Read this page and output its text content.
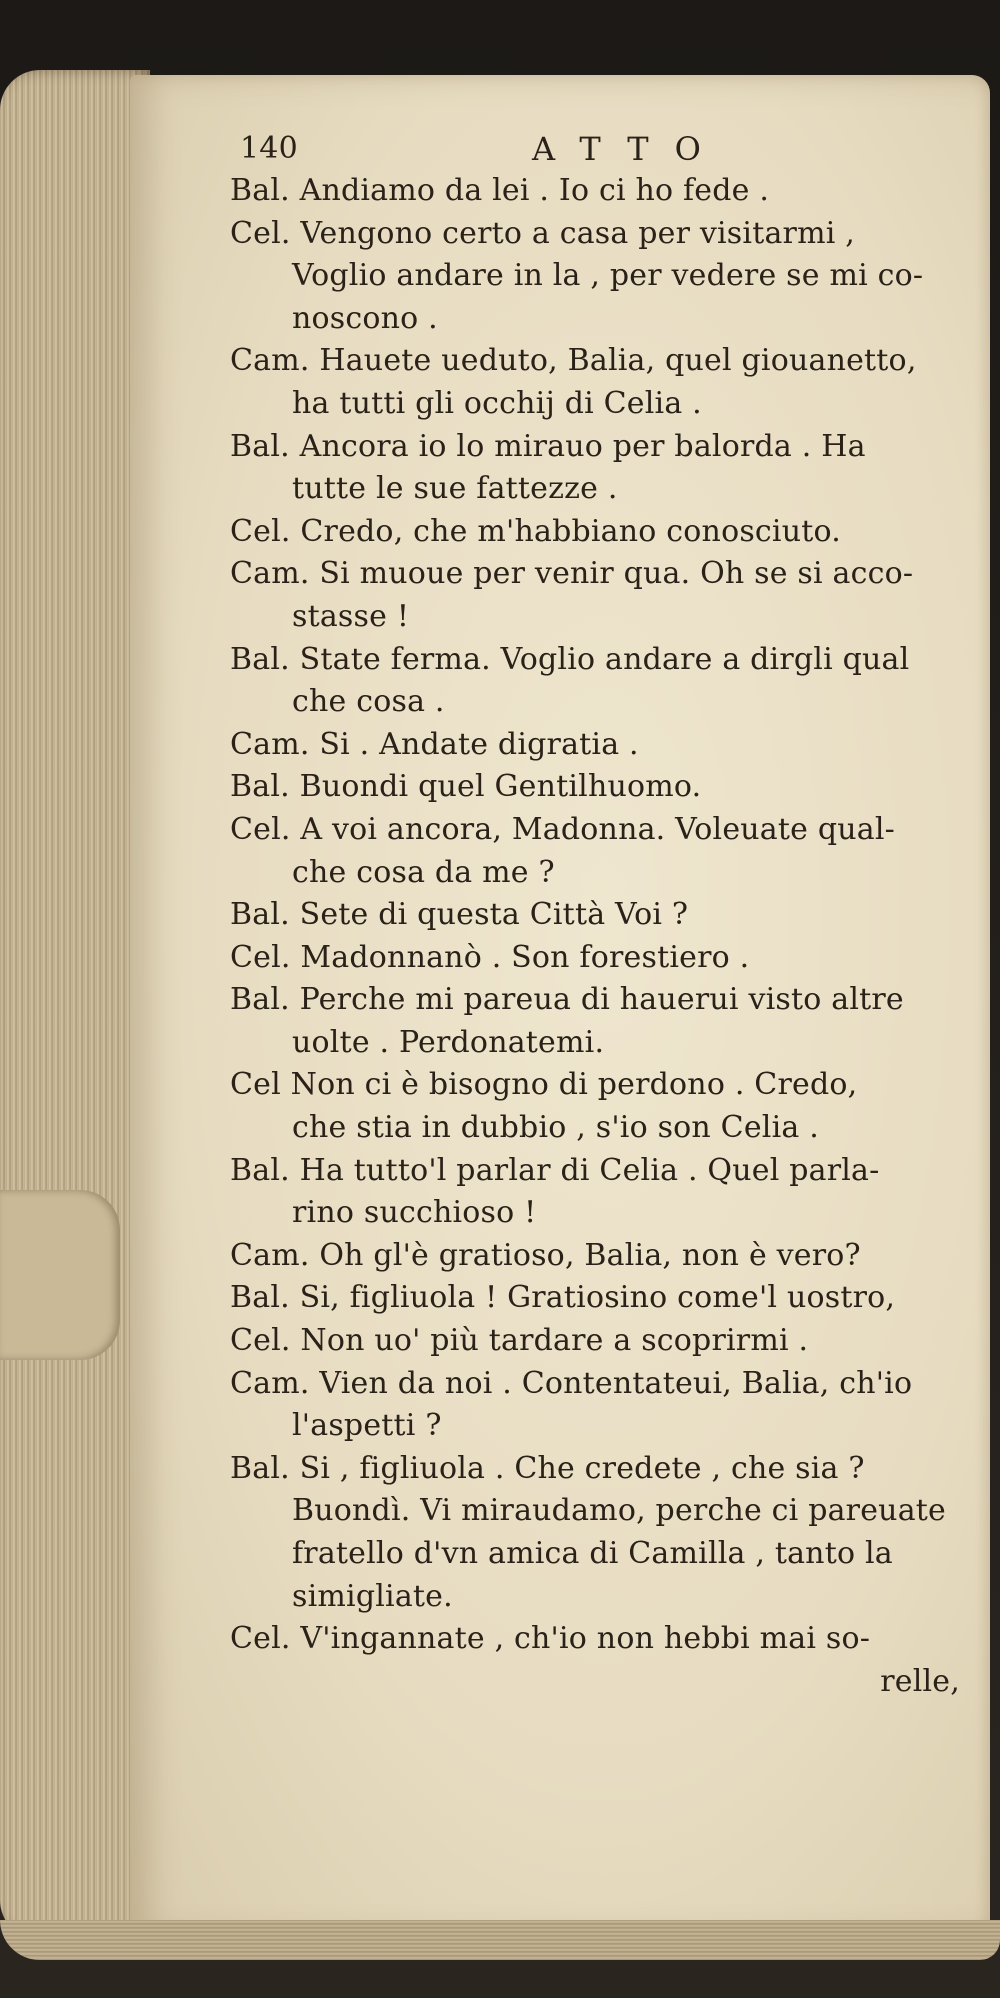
140	ATTO
Bal. Andiamo da lei . Io ci ho fede .
Cel. Vengono certo a casa per visitarmi ,
Voglio andare in la , per vedere se mi co-
noscono .
Cam. Hauete ueduto, Balia, quel giouanetto,
ha tutti gli occhij di Celia .
Bal. Ancora io lo mirauo per balorda . Ha
tutte le sue fattezze .
Cel. Credo, che m'habbiano conosciuto.
Cam. Si muoue per venir qua. Oh se si acco-
stasse !
Bal. State ferma. Voglio andare a dirgli qual
che cosa .
Cam. Si . Andate digratia .
Bal. Buondi quel Gentilhuomo.
Cel. A voi ancora, Madonna. Voleuate qual-
che cosa da me ?
Bal. Sete di questa Città Voi ?
Cel. Madonnanò . Son forestiero .
Bal. Perche mi pareua di hauerui visto altre
uolte . Perdonatemi.
Cel Non ci è bisogno di perdono . Credo,
che stia in dubbio , s'io son Celia .
Bal. Ha tutto'l parlar di Celia . Quel parla-
rino succhioso !
Cam. Oh gl'è gratioso, Balia, non è vero?
Bal. Si, figliuola ! Gratiosino come'l uostro,
Cel. Non uo' più tardare a scoprirmi .
Cam. Vien da noi . Contentateui, Balia, ch'io
l'aspetti ?
Bal. Si , figliuola . Che credete , che sia ?
Buondì. Vi miraudamo, perche ci pareuate
fratello d'vn amica di Camilla , tanto la
simigliate.
Cel. V'ingannate , ch'io non hebbi mai so-
relle,
